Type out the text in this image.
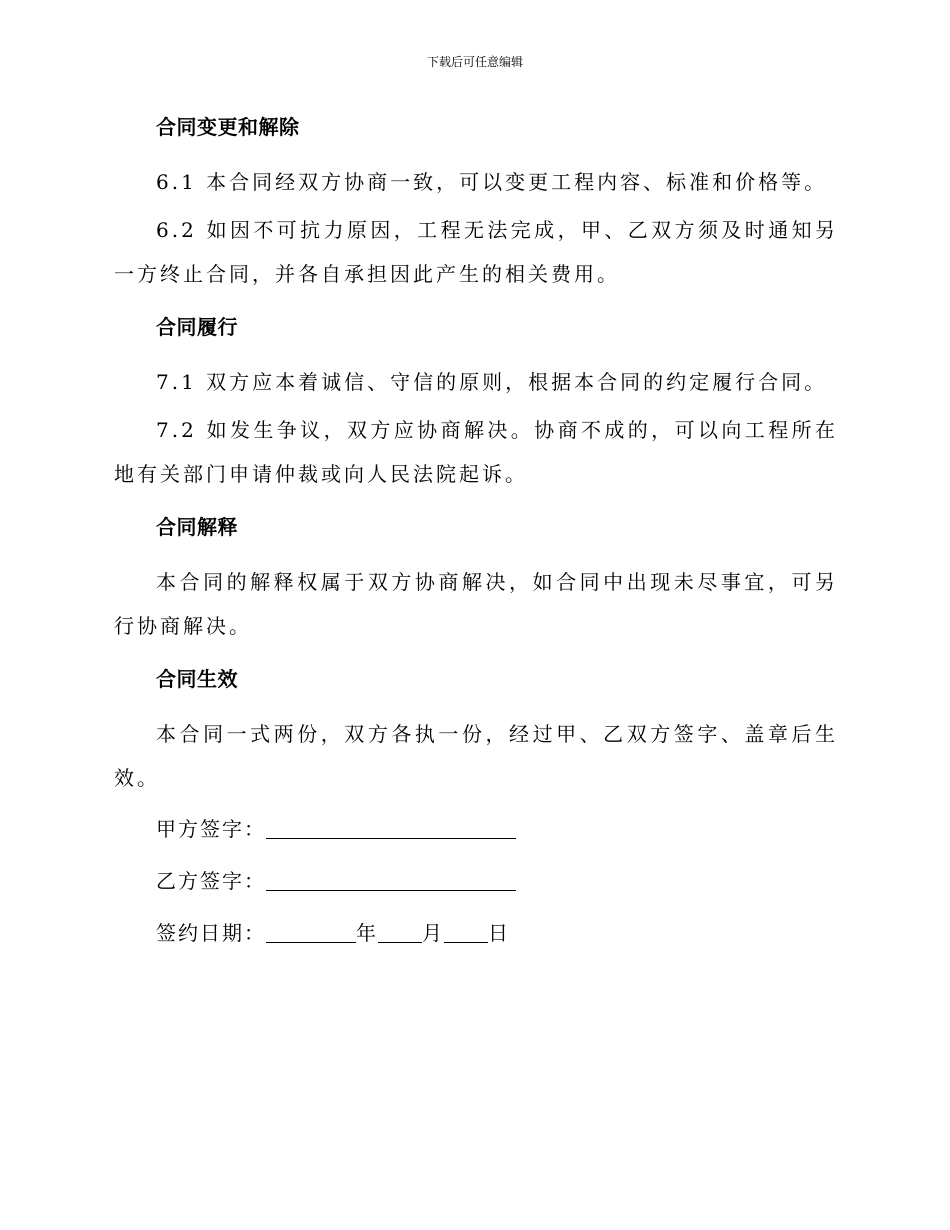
下载后可任意编辑

合同变更和解除

6.1 本合同经双方协商一致，可以变更工程内容、标准和价格等。

6.2 如因不可抗力原因，工程无法完成，甲、乙双方须及时通知另一方终止合同，并各自承担因此产生的相关费用。

合同履行

7.1 双方应本着诚信、守信的原则，根据本合同的约定履行合同。

7.2 如发生争议，双方应协商解决。协商不成的，可以向工程所在地有关部门申请仲裁或向人民法院起诉。

合同解释

本合同的解释权属于双方协商解决，如合同中出现未尽事宜，可另行协商解决。

合同生效

本合同一式两份，双方各执一份，经过甲、乙双方签字、盖章后生效。

甲方签字：

乙方签字：

签约日期：	年 月 日
